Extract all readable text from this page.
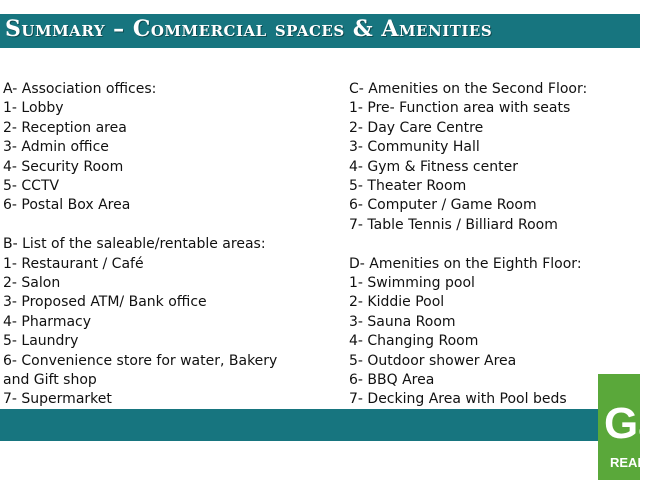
Summary – Commercial spaces & Amenities
A- Association offices:
1- Lobby
2- Reception area
3- Admin office
4- Security Room
5- CCTV
6- Postal Box Area
B- List of the saleable/rentable areas:
1- Restaurant / Café
2- Salon
3- Proposed ATM/ Bank office
4- Pharmacy
5- Laundry
6- Convenience store for water, Bakery
and Gift shop
7- Supermarket
C- Amenities on the Second Floor:
1- Pre- Function area with seats
2- Day Care Centre
3- Community Hall
4- Gym & Fitness center
5- Theater Room
6- Computer / Game Room
7- Table Tennis / Billiard Room
D- Amenities on the Eighth Floor:
1- Swimming pool
2- Kiddie Pool
3- Sauna Room
4- Changing Room
5- Outdoor shower Area
6- BBQ Area
7- Decking Area with Pool beds Ga
REAL
